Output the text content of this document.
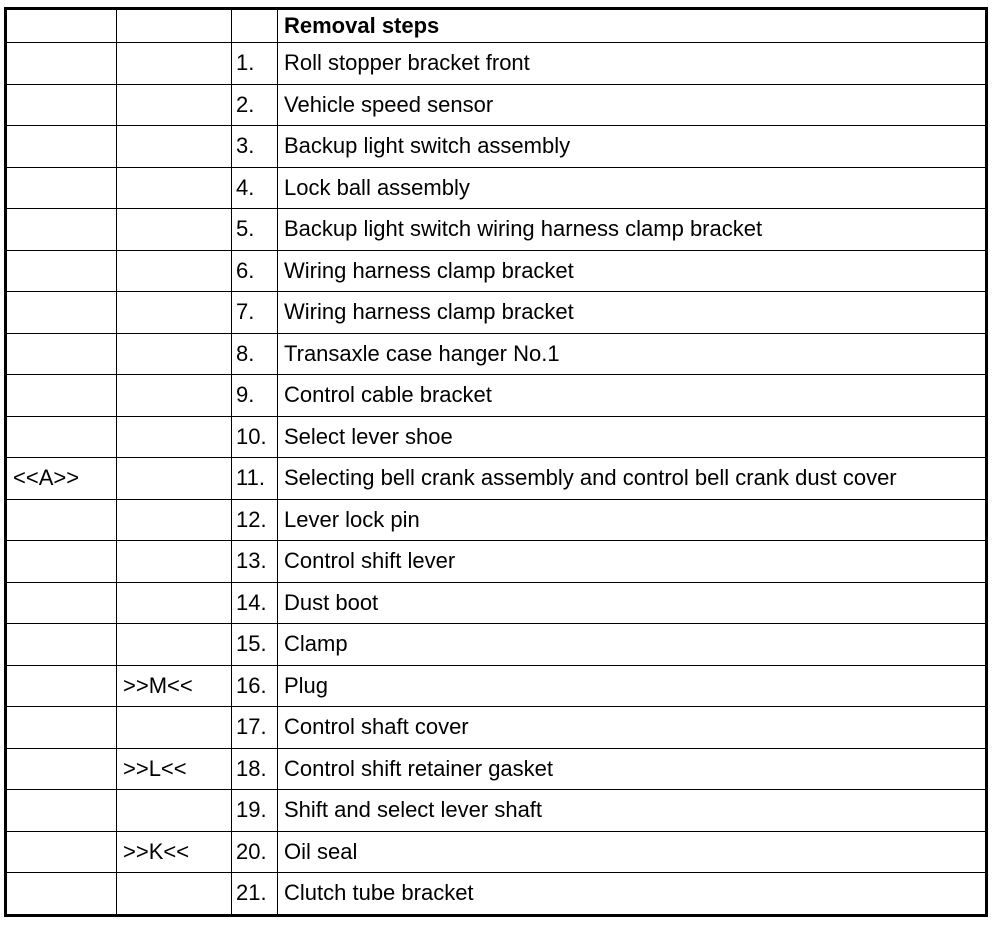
			Removal steps
		1.	Roll stopper bracket front
		2.	Vehicle speed sensor
		3.	Backup light switch assembly
		4.	Lock ball assembly
		5.	Backup light switch wiring harness clamp bracket
		6.	Wiring harness clamp bracket
		7.	Wiring harness clamp bracket
		8.	Transaxle case hanger No.1
		9.	Control cable bracket
		10.	Select lever shoe
<<A>>		11.	Selecting bell crank assembly and control bell crank dust cover
		12.	Lever lock pin
		13.	Control shift lever
		14.	Dust boot
		15.	Clamp
	>>M<<	16.	Plug
		17.	Control shaft cover
	>>L<<	18.	Control shift retainer gasket
		19.	Shift and select lever shaft
	>>K<<	20.	Oil seal
		21.	Clutch tube bracket
